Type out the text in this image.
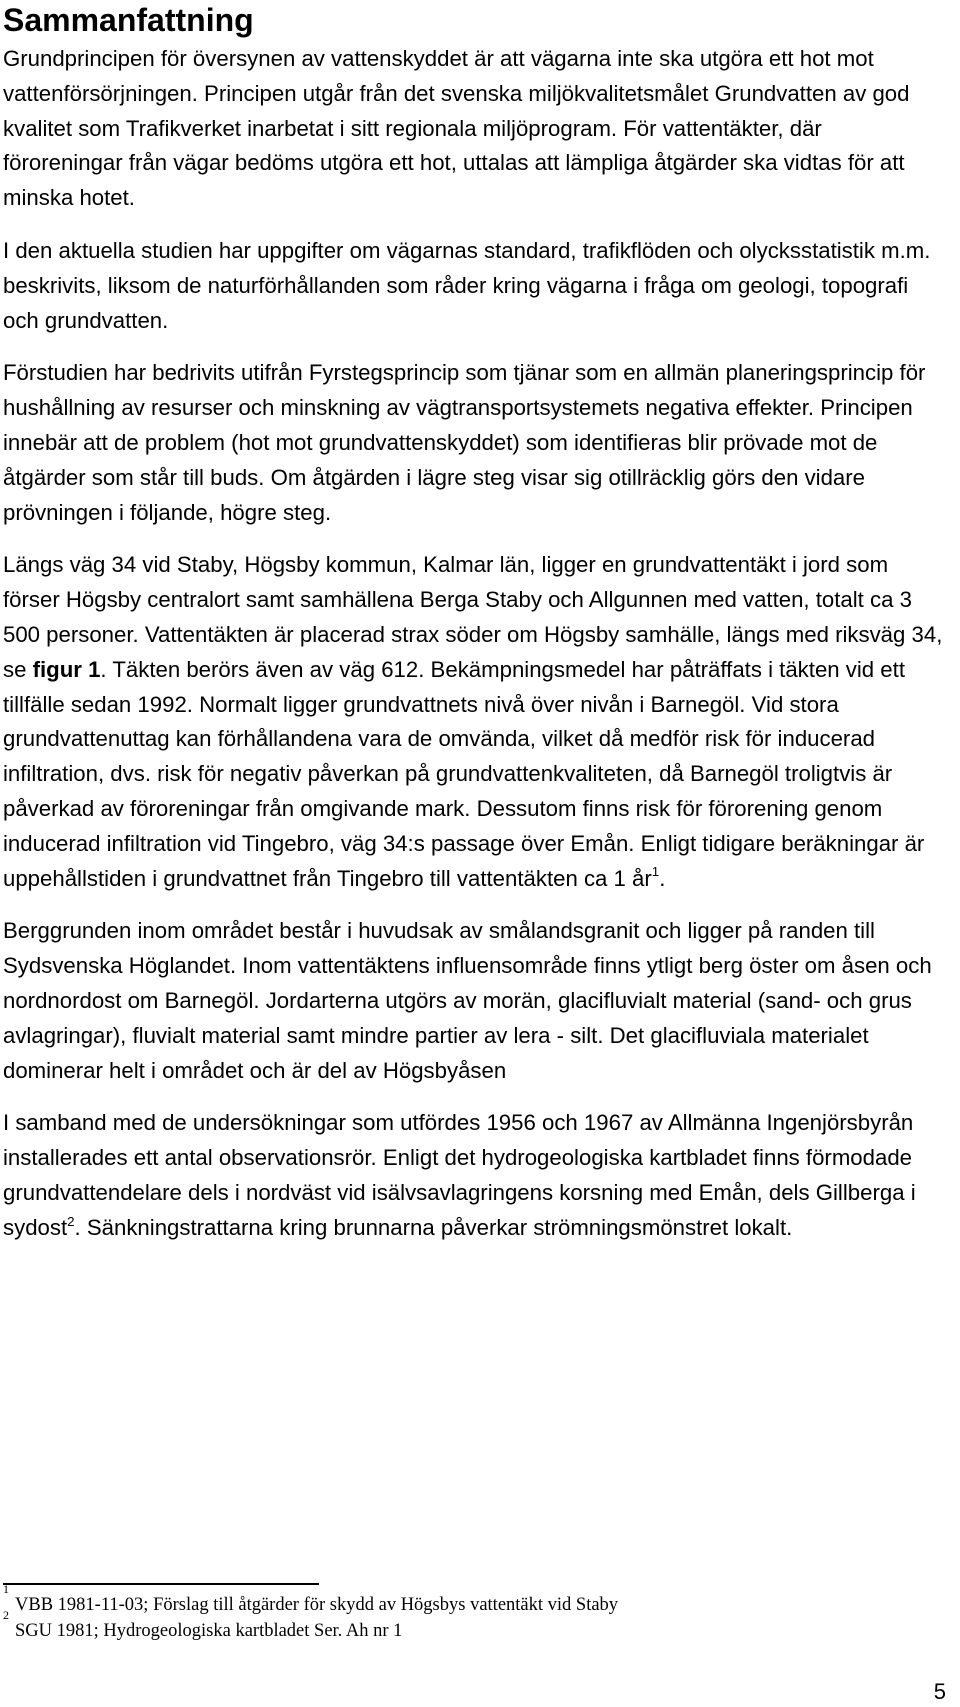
Sammanfattning

Grundprincipen för översynen av vattenskyddet är att vägarna inte ska utgöra ett hot mot vattenförsörjningen. Principen utgår från det svenska miljökvalitetsmålet Grundvatten av god kvalitet som Trafikverket inarbetat i sitt regionala miljöprogram. För vattentäkter, där föroreningar från vägar bedöms utgöra ett hot, uttalas att lämpliga åtgärder ska vidtas för att minska hotet.

I den aktuella studien har uppgifter om vägarnas standard, trafikflöden och olycksstatistik m.m. beskrivits, liksom de naturförhållanden som råder kring vägarna i fråga om geologi, topografi och grundvatten.

Förstudien har bedrivits utifrån Fyrstegsprincip som tjänar som en allmän planeringsprincip för hushållning av resurser och minskning av vägtransportsystemets negativa effekter. Principen innebär att de problem (hot mot grundvattenskyddet) som identifieras blir prövade mot de åtgärder som står till buds. Om åtgärden i lägre steg visar sig otillräcklig görs den vidare prövningen i följande, högre steg.

Längs väg 34 vid Staby, Högsby kommun, Kalmar län, ligger en grundvattentäkt i jord som förser Högsby centralort samt samhällena Berga Staby och Allgunnen med vatten, totalt ca 3 500 personer. Vattentäkten är placerad strax söder om Högsby samhälle, längs med riksväg 34, se figur 1. Täkten berörs även av väg 612. Bekämpningsmedel har påträffats i täkten vid ett tillfälle sedan 1992. Normalt ligger grundvattnets nivå över nivån i Barnegöl. Vid stora grundvattenuttag kan förhållandena vara de omvända, vilket då medför risk för inducerad infiltration, dvs. risk för negativ påverkan på grundvattenkvaliteten, då Barnegöl troligtvis är påverkad av föroreningar från omgivande mark. Dessutom finns risk för förorening genom inducerad infiltration vid Tingebro, väg 34:s passage över Emån. Enligt tidigare beräkningar är uppehållstiden i grundvattnet från Tingebro till vattentäkten ca 1 $år^1$.

Berggrunden inom området består i huvudsak av smålandsgranit och ligger på randen till Sydsvenska Höglandet. Inom vattentäktens influensområde finns ytligt berg öster om åsen och nordnordost om Barnegöl. Jordarterna utgörs av morän, glacifluvialt material (sand- och grus avlagringar), fluvialt material samt mindre partier av lera - silt. Det glacifluviala materialet dominerar helt i området och är del av Högsbyåsen

I samband med de undersökningar som utfördes 1956 och 1967 av Allmänna Ingenjörsbyrån installerades ett antal observationsrör. Enligt det hydrogeologiska kartbladet finns förmodade grundvattendelare dels i nordväst vid isälvsavlagringens korsning med Emån, dels Gillberga i sydost$^2$. Sänkningstrattarna kring brunnarna påverkar strömningsmönstret lokalt.

$^1$VBB 1981-11-03; Förslag till åtgärder för skydd av Högsbys vattentäkt vid Staby
$^2$SGU 1981; Hydrogeologiska kartbladet Ser. Ah nr 1
5
